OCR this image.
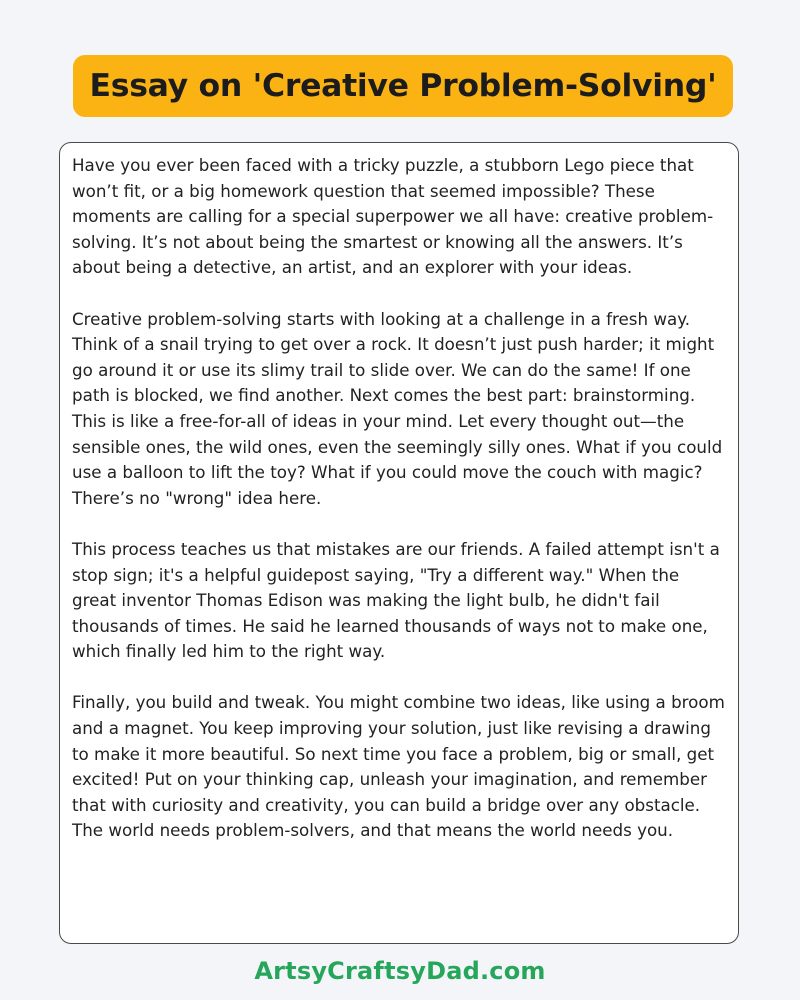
Essay on 'Creative Problem-Solving'

Have you ever been faced with a tricky puzzle, a stubborn Lego piece that won’t fit, or a big homework question that seemed impossible? These moments are calling for a special superpower we all have: creative problem-solving. It’s not about being the smartest or knowing all the answers. It’s about being a detective, an artist, and an explorer with your ideas.

Creative problem-solving starts with looking at a challenge in a fresh way. Think of a snail trying to get over a rock. It doesn’t just push harder; it might go around it or use its slimy trail to slide over. We can do the same! If one path is blocked, we find another. Next comes the best part: brainstorming. This is like a free-for-all of ideas in your mind. Let every thought out—the sensible ones, the wild ones, even the seemingly silly ones. What if you could use a balloon to lift the toy? What if you could move the couch with magic? There’s no "wrong" idea here.

This process teaches us that mistakes are our friends. A failed attempt isn't a stop sign; it's a helpful guidepost saying, "Try a different way." When the great inventor Thomas Edison was making the light bulb, he didn't fail thousands of times. He said he learned thousands of ways not to make one, which finally led him to the right way.

Finally, you build and tweak. You might combine two ideas, like using a broom and a magnet. You keep improving your solution, just like revising a drawing to make it more beautiful. So next time you face a problem, big or small, get excited! Put on your thinking cap, unleash your imagination, and remember that with curiosity and creativity, you can build a bridge over any obstacle. The world needs problem-solvers, and that means the world needs you.

ArtsyCraftsyDad.com
